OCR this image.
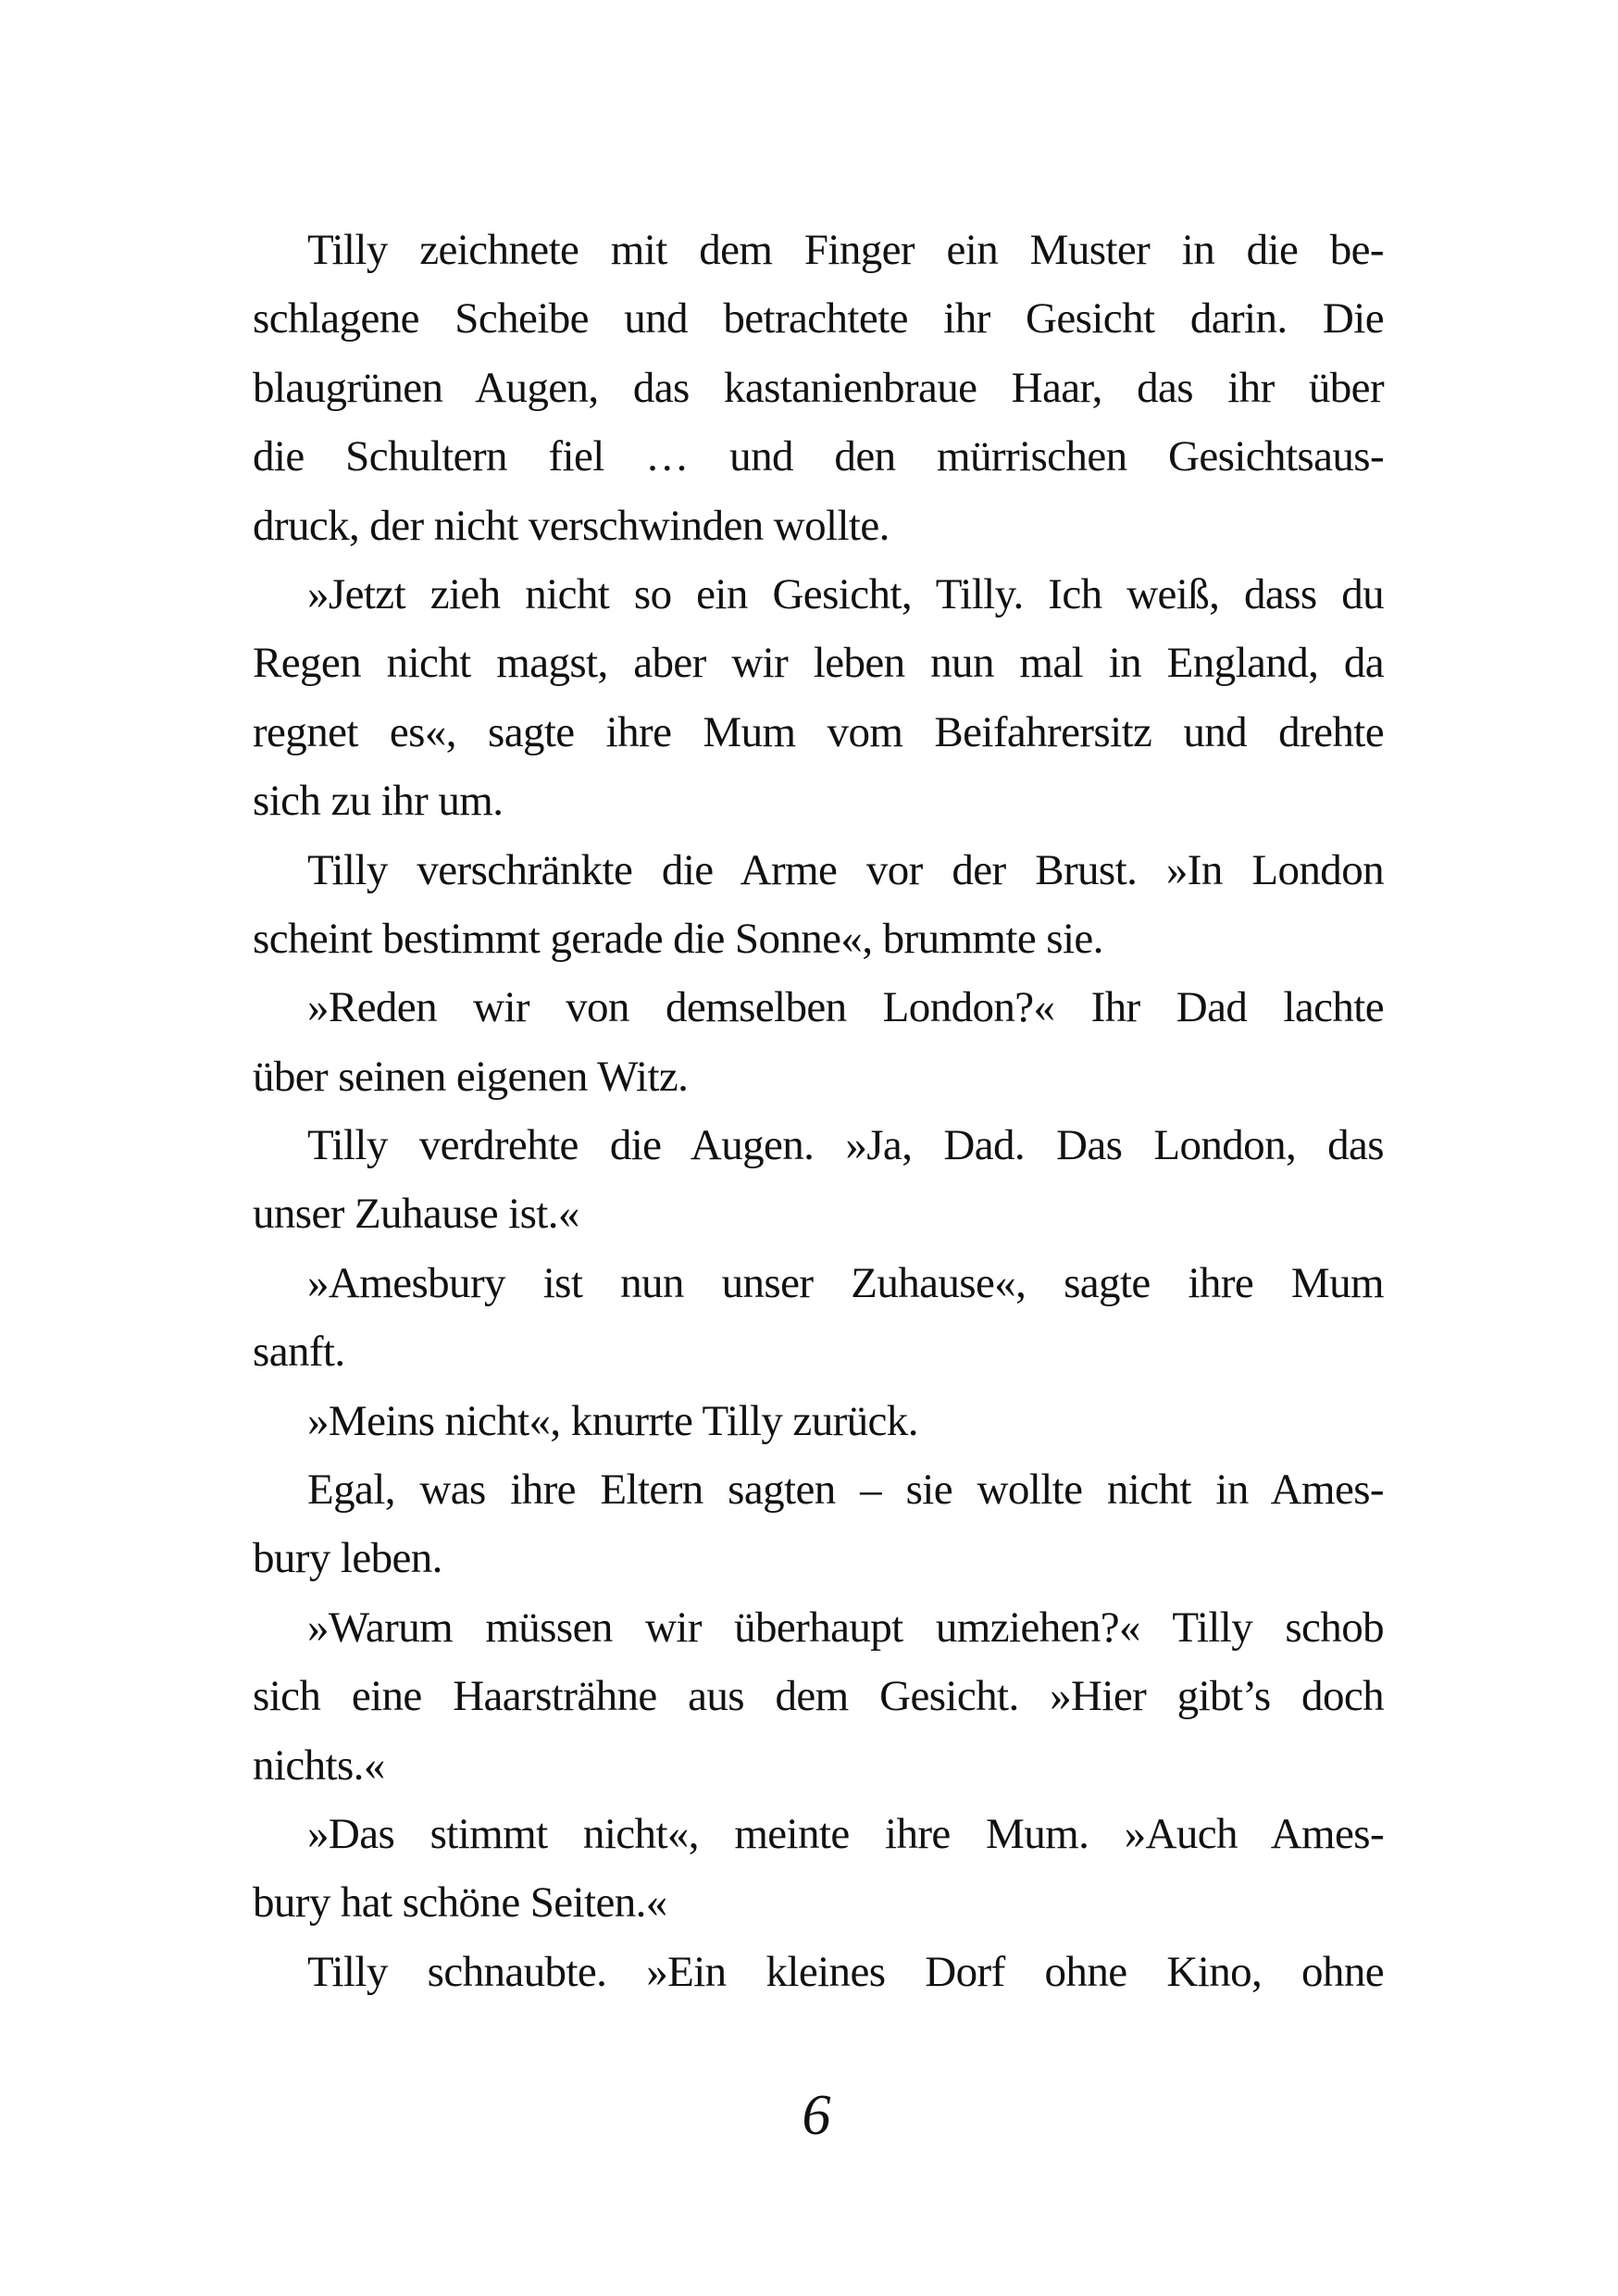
Tilly zeichnete mit dem Finger ein Muster in die be-
schlagene Scheibe und betrachtete ihr Gesicht darin. Die
blaugrünen Augen, das kastanienbraue Haar, das ihr über
die Schultern fiel … und den mürrischen Gesichtsaus-
druck, der nicht verschwinden wollte.
»Jetzt zieh nicht so ein Gesicht, Tilly. Ich weiß, dass du
Regen nicht magst, aber wir leben nun mal in England, da
regnet es«, sagte ihre Mum vom Beifahrersitz und drehte
sich zu ihr um.
Tilly verschränkte die Arme vor der Brust. »In London
scheint bestimmt gerade die Sonne«, brummte sie.
»Reden wir von demselben London?« Ihr Dad lachte
über seinen eigenen Witz.
Tilly verdrehte die Augen. »Ja, Dad. Das London, das
unser Zuhause ist.«
»Amesbury ist nun unser Zuhause«, sagte ihre Mum
sanft.
»Meins nicht«, knurrte Tilly zurück.
Egal, was ihre Eltern sagten – sie wollte nicht in Ames-
bury leben.
»Warum müssen wir überhaupt umziehen?« Tilly schob
sich eine Haarsträhne aus dem Gesicht. »Hier gibt’s doch
nichts.«
»Das stimmt nicht«, meinte ihre Mum. »Auch Ames-
bury hat schöne Seiten.«
Tilly schnaubte. »Ein kleines Dorf ohne Kino, ohne
6
